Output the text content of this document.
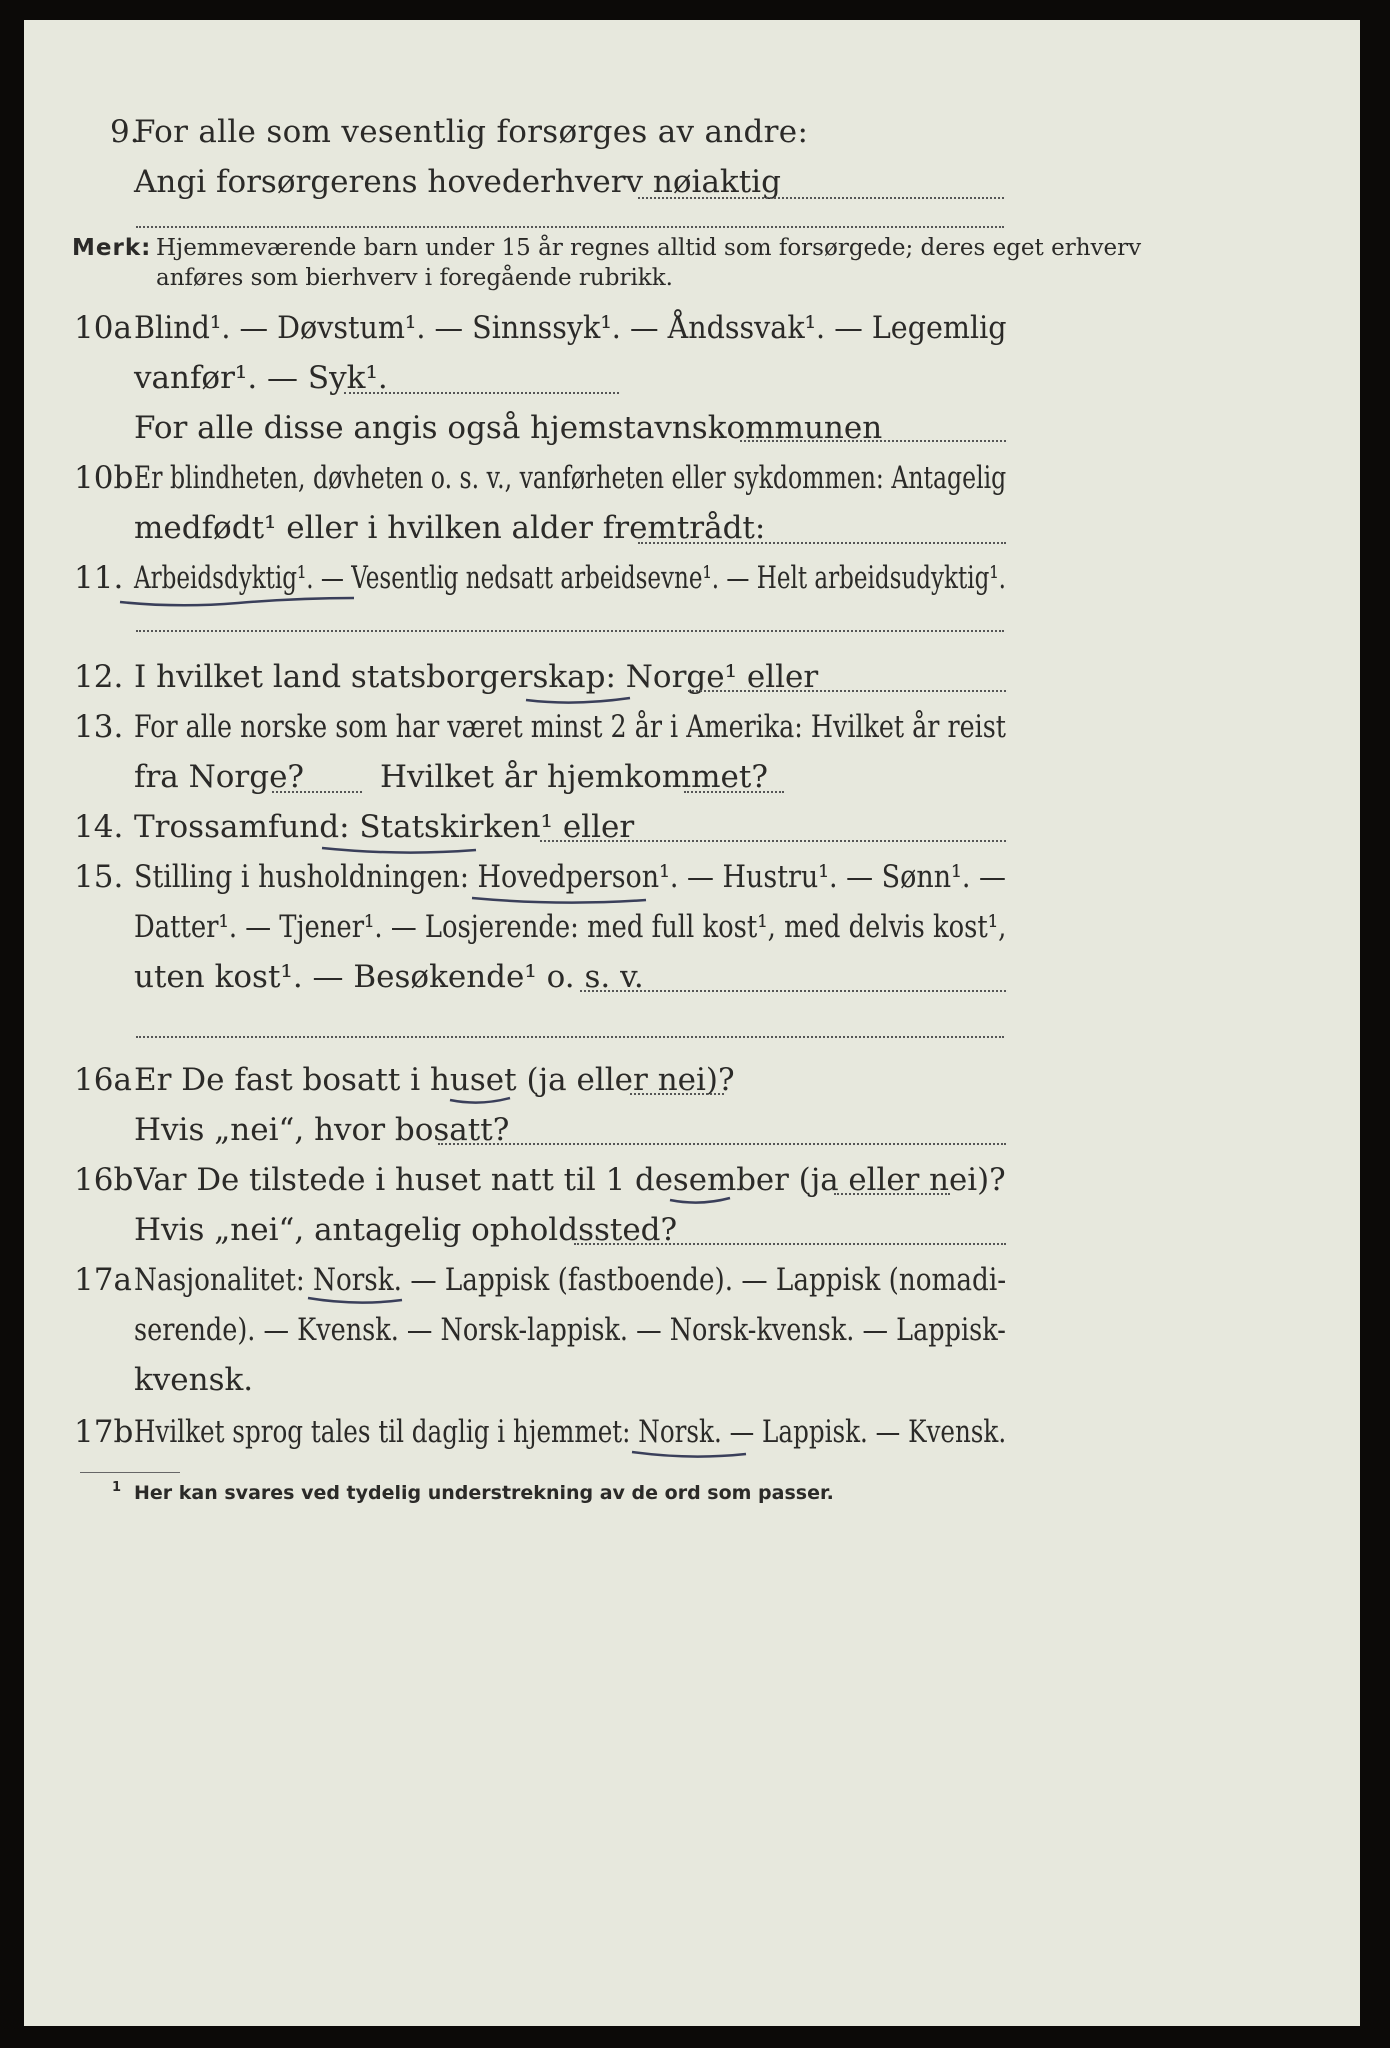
9.
For alle som vesentlig forsørges av andre:
Angi forsørgerens hovederhverv nøiaktig
Merk: Hjemmeværende barn under 15 år regnes alltid som forsørgede; deres eget erhverv
anføres som bierhverv i foregående rubrikk.
10a Blind¹. — Døvstum¹. — Sinnssyk¹. — Åndssvak¹. — Legemlig
vanfør¹. — Syk¹.
For alle disse angis også hjemstavnskommunen
10b Er blindheten, døvheten o. s. v., vanførheten eller sykdommen: Antagelig
medfødt¹ eller i hvilken alder fremtrådt:
11. Arbeidsdyktig¹. — Vesentlig nedsatt arbeidsevne¹. — Helt arbeidsudyktig¹.
12. I hvilket land statsborgerskap: Norge¹ eller
13. For alle norske som har været minst 2 år i Amerika: Hvilket år reist
fra Norge? Hvilket år hjemkommet?
14. Trossamfund: Statskirken¹ eller
15. Stilling i husholdningen: Hovedperson¹. — Hustru¹. — Sønn¹. —
Datter¹. — Tjener¹. — Losjerende: med full kost¹, med delvis kost¹,
uten kost¹. — Besøkende¹ o. s. v.
16a Er De fast bosatt i huset (ja eller nei)?
Hvis „nei“, hvor bosatt?
16b Var De tilstede i huset natt til 1 desember (ja eller nei)?
Hvis „nei“, antagelig opholdssted?
17a Nasjonalitet: Norsk. — Lappisk (fastboende). — Lappisk (nomadi-
serende). — Kvensk. — Norsk-lappisk. — Norsk-kvensk. — Lappisk-
kvensk.
17b Hvilket sprog tales til daglig i hjemmet: Norsk. — Lappisk. — Kvensk.
1 Her kan svares ved tydelig understrekning av de ord som passer.
